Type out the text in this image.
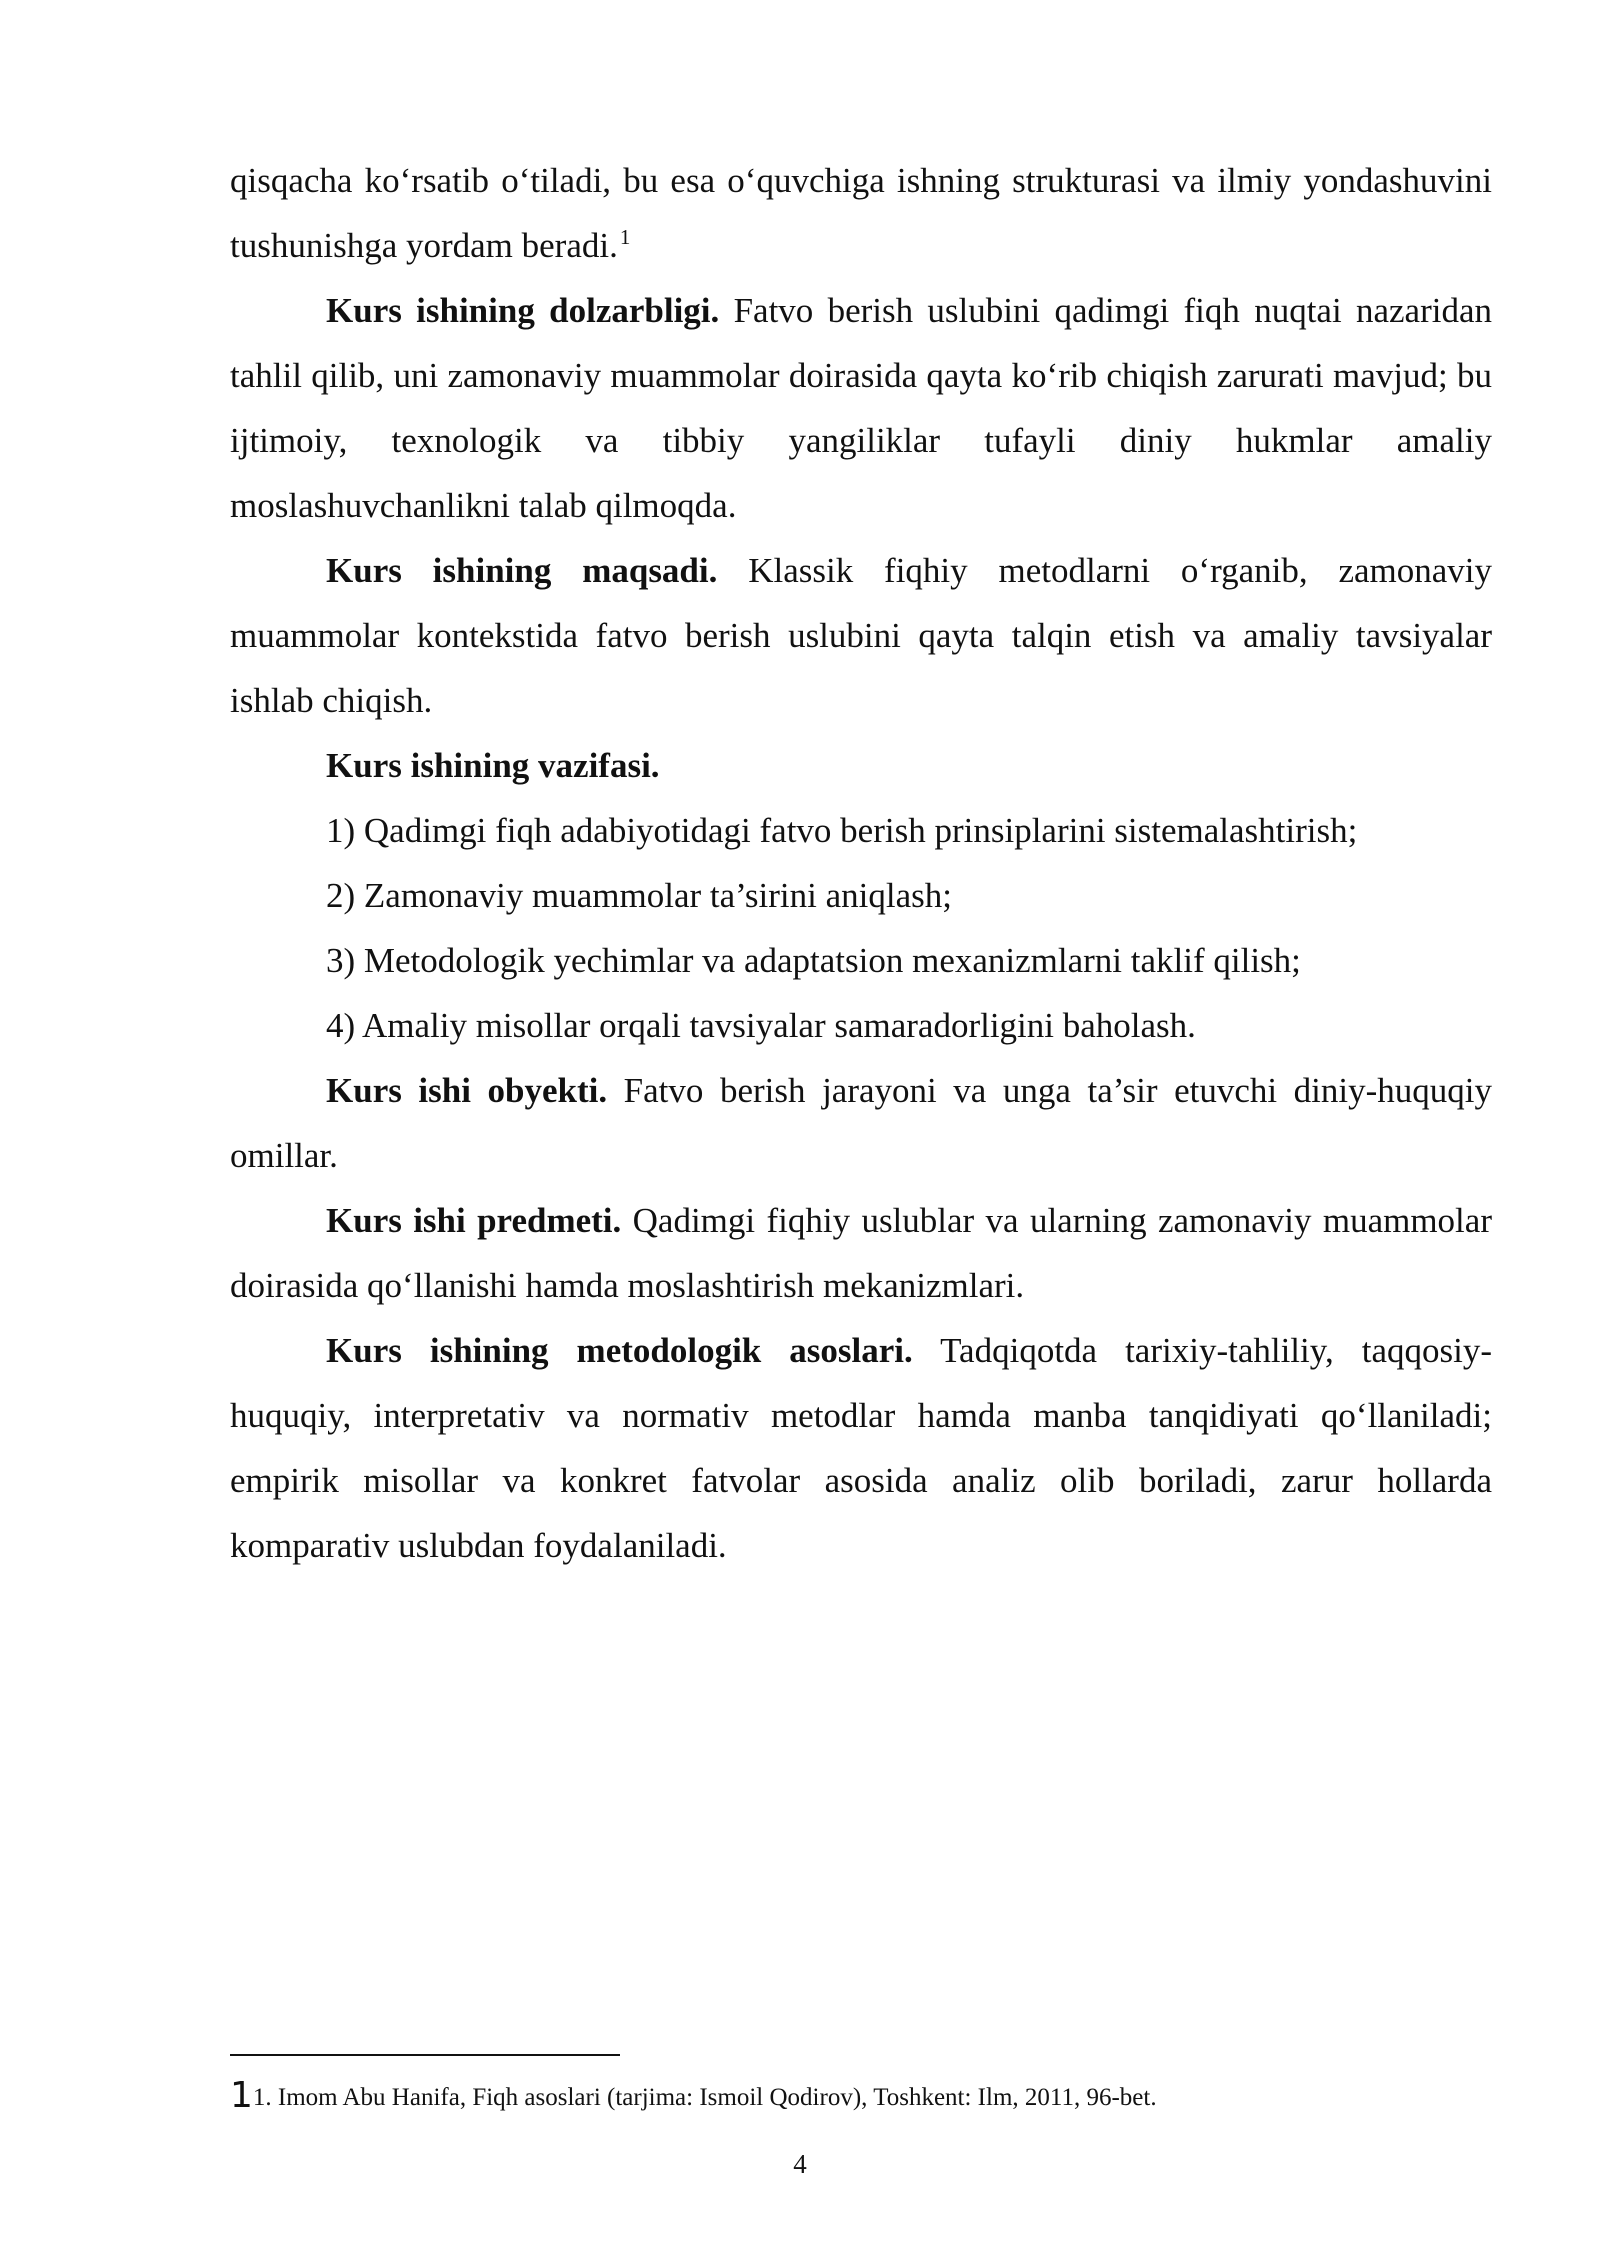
qisqacha ko‘rsatib o‘tiladi, bu esa o‘quvchiga ishning strukturasi va ilmiy yondashuvini tushunishga yordam beradi.$^1$

Kurs ishining dolzarbligi. Fatvo berish uslubini qadimgi fiqh nuqtai nazaridan tahlil qilib, uni zamonaviy muammolar doirasida qayta ko‘rib chiqish zarurati mavjud; bu ijtimoiy, texnologik va tibbiy yangiliklar tufayli diniy hukmlar amaliy moslashuvchanlikni talab qilmoqda.

Kurs ishining maqsadi. Klassik fiqhiy metodlarni o‘rganib, zamonaviy muammolar kontekstida fatvo berish uslubini qayta talqin etish va amaliy tavsiyalar ishlab chiqish.

Kurs ishining vazifasi.

1) Qadimgi fiqh adabiyotidagi fatvo berish prinsiplarini sistemalashtirish;

2) Zamonaviy muammolar ta’sirini aniqlash;

3) Metodologik yechimlar va adaptatsion mexanizmlarni taklif qilish;

4) Amaliy misollar orqali tavsiyalar samaradorligini baholash.

Kurs ishi obyekti. Fatvo berish jarayoni va unga ta’sir etuvchi diniy-huquqiy omillar.

Kurs ishi predmeti. Qadimgi fiqhiy uslublar va ularning zamonaviy muammolar doirasida qo‘llanishi hamda moslashtirish mekanizmlari.

Kurs ishining metodologik asoslari. Tadqiqotda tarixiy-tahliliy, taqqosiy-huquqiy, interpretativ va normativ metodlar hamda manba tanqidiyati qo‘llaniladi; empirik misollar va konkret fatvolar asosida analiz olib boriladi, zarur hollarda komparativ uslubdan foydalaniladi.

11. Imom Abu Hanifa, Fiqh asoslari (tarjima: Ismoil Qodirov), Toshkent: Ilm, 2011, 96-bet.
4
